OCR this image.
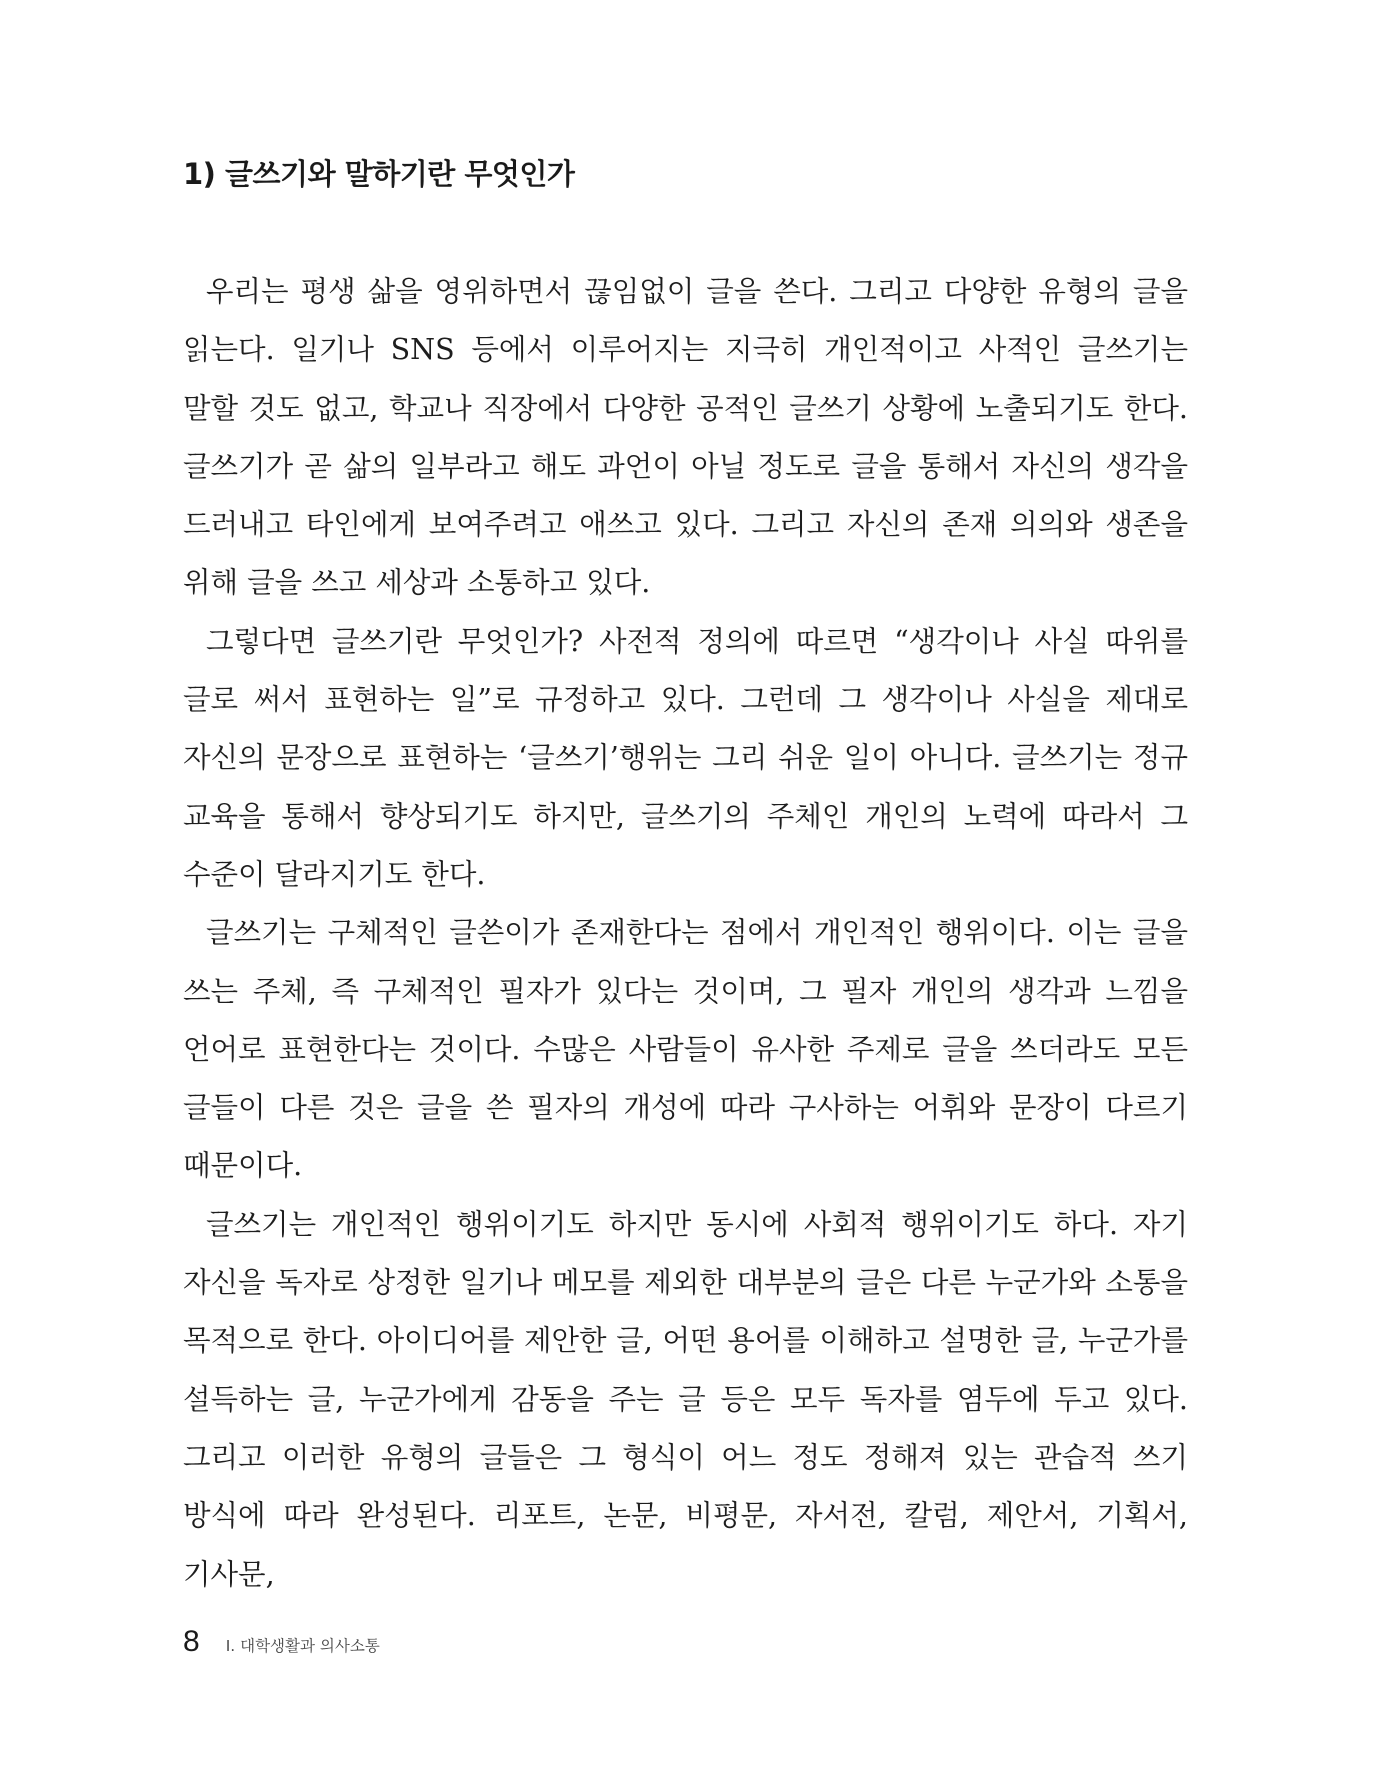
1) 글쓰기와 말하기란 무엇인가

우리는 평생 삶을 영위하면서 끊임없이 글을 쓴다. 그리고 다양한 유형의 글을 읽는다. 일기나 SNS 등에서 이루어지는 지극히 개인적이고 사적인 글쓰기는 말할 것도 없고, 학교나 직장에서 다양한 공적인 글쓰기 상황에 노출되기도 한다. 글쓰기가 곧 삶의 일부라고 해도 과언이 아닐 정도로 글을 통해서 자신의 생각을 드러내고 타인에게 보여주려고 애쓰고 있다. 그리고 자신의 존재 의의와 생존을 위해 글을 쓰고 세상과 소통하고 있다.

그렇다면 글쓰기란 무엇인가? 사전적 정의에 따르면 “생각이나 사실 따위를 글로 써서 표현하는 일”로 규정하고 있다. 그런데 그 생각이나 사실을 제대로 자신의 문장으로 표현하는 ‘글쓰기’행위는 그리 쉬운 일이 아니다. 글쓰기는 정규 교육을 통해서 향상되기도 하지만, 글쓰기의 주체인 개인의 노력에 따라서 그 수준이 달라지기도 한다.

글쓰기는 구체적인 글쓴이가 존재한다는 점에서 개인적인 행위이다. 이는 글을 쓰는 주체, 즉 구체적인 필자가 있다는 것이며, 그 필자 개인의 생각과 느낌을 언어로 표현한다는 것이다. 수많은 사람들이 유사한 주제로 글을 쓰더라도 모든 글들이 다른 것은 글을 쓴 필자의 개성에 따라 구사하는 어휘와 문장이 다르기 때문이다.

글쓰기는 개인적인 행위이기도 하지만 동시에 사회적 행위이기도 하다. 자기 자신을 독자로 상정한 일기나 메모를 제외한 대부분의 글은 다른 누군가와 소통을 목적으로 한다. 아이디어를 제안한 글, 어떤 용어를 이해하고 설명한 글, 누군가를 설득하는 글, 누군가에게 감동을 주는 글 등은 모두 독자를 염두에 두고 있다. 그리고 이러한 유형의 글들은 그 형식이 어느 정도 정해져 있는 관습적 쓰기 방식에 따라 완성된다. 리포트, 논문, 비평문, 자서전, 칼럼, 제안서, 기획서, 기사문,

8 I. 대학생활과 의사소통
